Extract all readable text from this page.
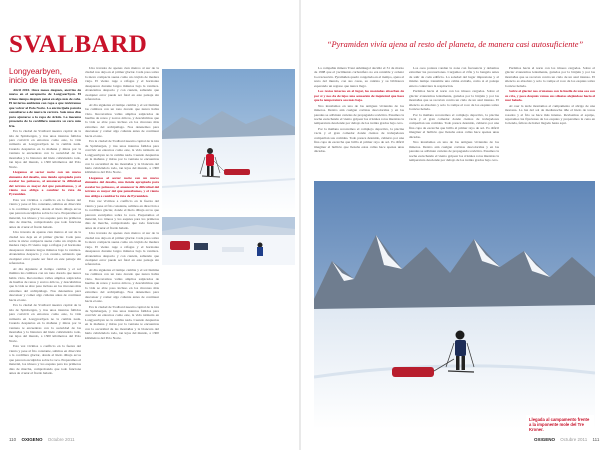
SVALBARD	“Pyramiden vivía ajena al resto del planeta, de manera casi autosuficiente”
Longyearbyen, inicio de la travesía

Abril 2010. Once meses después, aterrizo de nuevo en el aeropuerto de Longyearbyen. El trineo tiempo después pensé en algo más de cabe. El invierno ambiente con ropa a que tuviéramos que volver al Polo Norte. La encrucijada parecía consultarse a de nuevo la carrera. Solo unos días para ajustarse a la ropa de Arktis. La inocente presencia de la cordillera muestra su cara más fría.

Era la ciudad de Svalbard nuestra capital de la isla de Spitsbergen, y tras unos intentos fallidos para convivir en entornos como este, la vida rutinaria en Longyearbyen no la cambia nada. Cuando despiertas en la mañana y miras por la ventana te encuentras con la oscuridad de las montañas y la blancura del hielo cubriéndolo todo, tan lejos del mundo, a 1300 kilómetros del Polo Norte.

Llegamos al sector norte con un nuevo elemento del desafío, una tienda apropiada para escalar los peñascos, al amanecer la dificultad del terreno es mayor del que pensábamos, y el viento nos obliga a cambiar la ruta de Pyramiden.

Esta vez vivimos a conflicto en la fuerza del viento y pese al frío constante, salimos en dirección a la cordillera glaciar, donde el hielo dibuja arcos que parecen esculpidos sobre la roca. Preparamos el material, los trineos y los esquíes para los primeros días de marcha, comprobando que todo funciona antes de cruzar el fiordo helado.

Una travesía de apenas cien metros al sur de la ciudad nos deja en el primer glaciar. Cada paso sobre la nieve compacta suena como un crujido de madera vieja. El viento ruge a ráfagas y el horizonte desaparece durante largos minutos bajo la ventisca. Avanzamos despacio y con cautela, sabiendo que cualquier error puede ser fatal en este paisaje sin referencias.

Al día siguiente el tiempo cambia y el sol ilumina las cumbres con un tono dorado que nunca había visto. Recorremos valles amplios salpicados de huellas de renos y zorros árticos, y descubrimos que la vida se abre paso incluso en los rincones más extremos del archipiélago. Nos detenemos para descansar y comer algo caliente antes de continuar hacia el este.

Era la ciudad de Svalbard nuestra capital de la isla de Spitsbergen, y tras unos intentos fallidos para convivir en entornos como este, la vida rutinaria en Longyearbyen no la cambia nada. Cuando despiertas en la mañana y miras por la ventana te encuentras con la oscuridad de las montañas y la blancura del hielo cubriéndolo todo, tan lejos del mundo, a 1300 kilómetros del Polo Norte.

Esta vez vivimos a conflicto en la fuerza del viento y pese al frío constante, salimos en dirección a la cordillera glaciar, donde el hielo dibuja arcos que parecen esculpidos sobre la roca. Preparamos el material, los trineos y los esquíes para los primeros días de marcha, comprobando que todo funciona antes de cruzar el fiordo helado.

Una travesía de apenas cien metros al sur de la ciudad nos deja en el primer glaciar. Cada paso sobre la nieve compacta suena como un crujido de madera vieja. El viento ruge a ráfagas y el horizonte desaparece durante largos minutos bajo la ventisca. Avanzamos despacio y con cautela, sabiendo que cualquier error puede ser fatal en este paisaje sin referencias.

Al día siguiente el tiempo cambia y el sol ilumina las cumbres con un tono dorado que nunca había visto. Recorremos valles amplios salpicados de huellas de renos y zorros árticos, y descubrimos que la vida se abre paso incluso en los rincones más extremos del archipiélago. Nos detenemos para descansar y comer algo caliente antes de continuar hacia el este.

Era la ciudad de Svalbard nuestra capital de la isla de Spitsbergen, y tras unos intentos fallidos para convivir en entornos como este, la vida rutinaria en Longyearbyen no la cambia nada. Cuando despiertas en la mañana y miras por la ventana te encuentras con la oscuridad de las montañas y la blancura del hielo cubriéndolo todo, tan lejos del mundo, a 1300 kilómetros del Polo Norte.

Llegamos al sector norte con un nuevo elemento del desafío, una tienda apropiada para escalar los peñascos, al amanecer la dificultad del terreno es mayor del que pensábamos, y el viento nos obliga a cambiar la ruta de Pyramiden.

Esta vez vivimos a conflicto en la fuerza del viento y pese al frío constante, salimos en dirección a la cordillera glaciar, donde el hielo dibuja arcos que parecen esculpidos sobre la roca. Preparamos el material, los trineos y los esquíes para los primeros días de marcha, comprobando que todo funciona antes de cruzar el fiordo helado.

Una travesía de apenas cien metros al sur de la ciudad nos deja en el primer glaciar. Cada paso sobre la nieve compacta suena como un crujido de madera vieja. El viento ruge a ráfagas y el horizonte desaparece durante largos minutos bajo la ventisca. Avanzamos despacio y con cautela, sabiendo que cualquier error puede ser fatal en este paisaje sin referencias.

Al día siguiente el tiempo cambia y el sol ilumina las cumbres con un tono dorado que nunca había visto. Recorremos valles amplios salpicados de huellas de renos y zorros árticos, y descubrimos que la vida se abre paso incluso en los rincones más extremos del archipiélago. Nos detenemos para descansar y comer algo caliente antes de continuar hacia el este.

Era la ciudad de Svalbard nuestra capital de la isla de Spitsbergen, y tras unos intentos fallidos para convivir en entornos como este, la vida rutinaria en Longyearbyen no la cambia nada. Cuando despiertas en la mañana y miras por la ventana te encuentras con la oscuridad de las montañas y la blancura del hielo cubriéndolo todo, tan lejos del mundo, a 1300 kilómetros del Polo Norte.

La compañía minera Trust Arktikugol decidió el 31 de marzo de 1998 que el yacimiento carbonífero no era rentable y ordenó la evacuación. Pyramiden quedó congelada en el tiempo, ajena al resto del mundo, con sus casas, su cantina y su biblioteca esperando un regreso que nunca llegó.

Los restos intactos en el lugar, las montañas absorben de por sí y nos da de lejos una sensación de inquietud que hace que la temperatura sea más baja.

Nos instalamos en una de las antiguas viviendas de los mineros. Dentro aún cuelgan cortinas descoloridas y en las paredes se adivinan carteles de propaganda soviética. Pasamos la noche escuchando el viento golpear los cristales rotos mientras la temperatura desciende por debajo de los treinta grados bajo cero.

Por la mañana recorremos el complejo deportivo, la piscina vacía y el gran comedor donde cientos de trabajadores compartían sus comidas. Todo parece detenido, cubierto por una fina capa de escarcha que brilla al primer rayo de sol. Es difícil imaginar el bullicio que llenaba estas calles hace apenas unas décadas.

Los osos polares rondan la zona con frecuencia y debemos extremar las precauciones. Cargamos el rifle y la bengala antes de salir de cada edificio. La soledad del lugar impresiona y al mismo tiempo transmite una calma extraña, como si el paisaje entero contuviera la respiración.

Partimos hacia el norte con los trineos cargados. Sobre el glaciar avanzamos lentamente, guiados por la brújula y por las montañas que se recortan contra un cielo de un azul intenso. El silencio es absoluto y solo lo rompe el roce de los esquíes sobre la nieve helada.

Por la mañana recorremos el complejo deportivo, la piscina vacía y el gran comedor donde cientos de trabajadores compartían sus comidas. Todo parece detenido, cubierto por una fina capa de escarcha que brilla al primer rayo de sol. Es difícil imaginar el bullicio que llenaba estas calles hace apenas unas décadas.

Nos instalamos en una de las antiguas viviendas de los mineros. Dentro aún cuelgan cortinas descoloridas y en las paredes se adivinan carteles de propaganda soviética. Pasamos la noche escuchando el viento golpear los cristales rotos mientras la temperatura desciende por debajo de los treinta grados bajo cero.

Partimos hacia el norte con los trineos cargados. Sobre el glaciar avanzamos lentamente, guiados por la brújula y por las montañas que se recortan contra un cielo de un azul intenso. El silencio es absoluto y solo lo rompe el roce de los esquíes sobre la nieve helada.

Sobre el glaciar nos cruzamos con la huella de una osa con su cría, y poco después vemos sus siluetas alejándose hacia el mar helado.

Al caer la tarde montamos el campamento al abrigo de una morrena. La luz del sol de medianoche tiñe el hielo de tonos rosados y el frío se hace más intenso. Revisamos el equipo, reparamos las fijaciones de los esquíes y preparamos la cena en la tienda, felices de haber llegado hasta aquí.

Llegada al campamento frente a la imponente mole del Tre Kroner.
110 OXIGENO Octubre 2011	OXIGENO Octubre 2011 111
